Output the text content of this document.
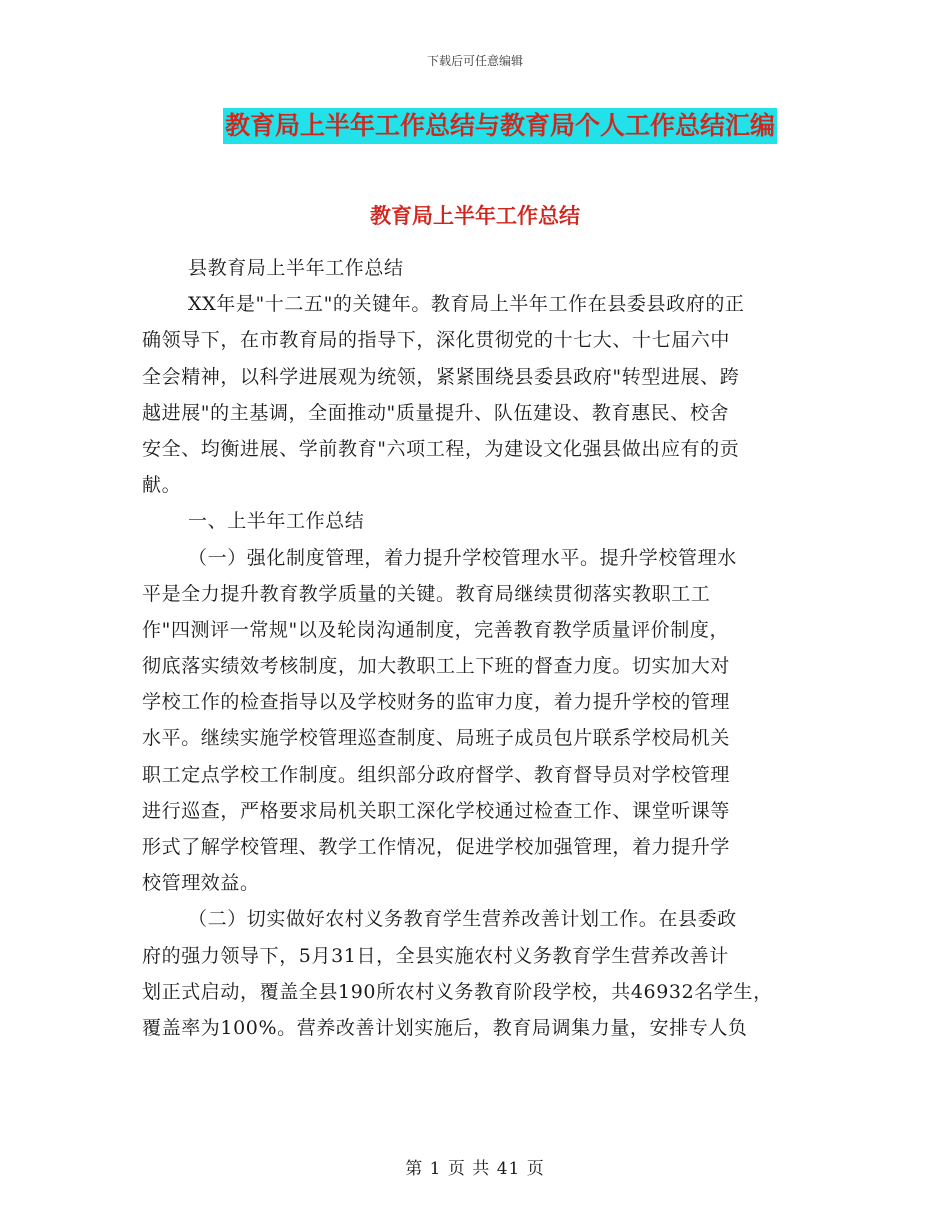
下载后可任意编辑
教育局上半年工作总结与教育局个人工作总结汇编
教育局上半年工作总结
县教育局上半年工作总结
XX年是"十二五"的关键年。教育局上半年工作在县委县政府的正
确领导下，在市教育局的指导下，深化贯彻党的十七大、十七届六中
全会精神，以科学进展观为统领，紧紧围绕县委县政府"转型进展、跨
越进展"的主基调，全面推动"质量提升、队伍建设、教育惠民、校舍
安全、均衡进展、学前教育"六项工程，为建设文化强县做出应有的贡
献。
一、上半年工作总结
（一）强化制度管理，着力提升学校管理水平。提升学校管理水
平是全力提升教育教学质量的关键。教育局继续贯彻落实教职工工
作"四测评一常规"以及轮岗沟通制度，完善教育教学质量评价制度，
彻底落实绩效考核制度，加大教职工上下班的督查力度。切实加大对
学校工作的检查指导以及学校财务的监审力度，着力提升学校的管理
水平。继续实施学校管理巡查制度、局班子成员包片联系学校局机关
职工定点学校工作制度。组织部分政府督学、教育督导员对学校管理
进行巡查，严格要求局机关职工深化学校通过检查工作、课堂听课等
形式了解学校管理、教学工作情况，促进学校加强管理，着力提升学
校管理效益。
（二）切实做好农村义务教育学生营养改善计划工作。在县委政
府的强力领导下，5月31日，全县实施农村义务教育学生营养改善计
划正式启动，覆盖全县190所农村义务教育阶段学校，共46932名学生，
覆盖率为100%。营养改善计划实施后，教育局调集力量，安排专人负
第 1 页 共 41 页
